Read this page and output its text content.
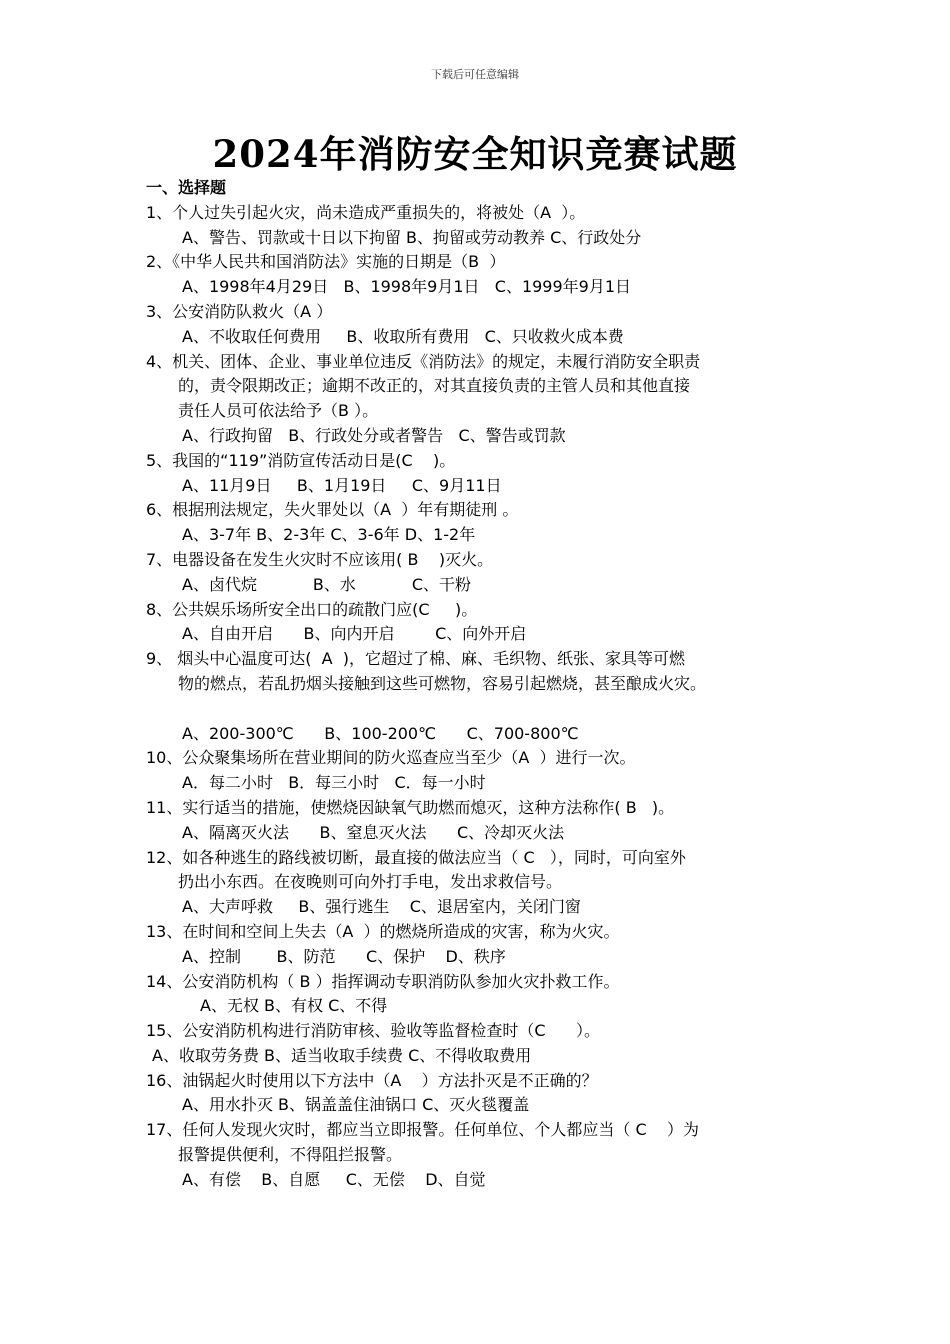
下载后可任意编辑
2024年消防安全知识竞赛试题
一、选择题
1、个人过失引起火灾，尚未造成严重损失的，将被处（A  ）。
A、警告、罚款或十日以下拘留 B、拘留或劳动教养 C、行政处分
2、《中华人民共和国消防法》实施的日期是（B  ）
A、1998年4月29日   B、1998年9月1日   C、1999年9月1日
3、公安消防队救火（A ）
A、不收取任何费用     B、收取所有费用   C、只收救火成本费
4、机关、团体、企业、事业单位违反《消防法》的规定，未履行消防安全职责
的，责令限期改正；逾期不改正的，对其直接负责的主管人员和其他直接
责任人员可依法给予（B ）。
A、行政拘留   B、行政处分或者警告   C、警告或罚款
5、我国的“119”消防宣传活动日是(C    )。
A、11月9日     B、1月19日     C、9月11日
6、根据刑法规定，失火罪处以（A  ）年有期徒刑 。
A、3-7年 B、2-3年 C、3-6年 D、1-2年
7、电器设备在发生火灾时不应该用( B    )灭火。
A、卤代烷           B、水           C、干粉
8、公共娱乐场所安全出口的疏散门应(C     )。
A、自由开启      B、向内开启        C、向外开启
9、 烟头中心温度可达(  A  )，它超过了棉、麻、毛织物、纸张、家具等可燃
物的燃点，若乱扔烟头接触到这些可燃物，容易引起燃烧，甚至酿成火灾。
A、200-300℃      B、100-200℃      C、700-800℃
10、公众聚集场所在营业期间的防火巡查应当至少（A  ）进行一次。
A．每二小时   B．每三小时   C．每一小时
11、实行适当的措施，使燃烧因缺氧气助燃而熄灭，这种方法称作( B   )。
A、隔离灭火法      B、窒息灭火法      C、冷却灭火法
12、如各种逃生的路线被切断，最直接的做法应当（ C   ），同时，可向室外
扔出小东西。在夜晚则可向外打手电，发出求救信号。
A、大声呼救     B、强行逃生    C、退居室内，关闭门窗
13、在时间和空间上失去（A  ）的燃烧所造成的灾害，称为火灾。
A、控制       B、防范      C、保护    D、秩序
14、公安消防机构（ B ）指挥调动专职消防队参加火灾扑救工作。
A、无权 B、有权 C、不得
15、公安消防机构进行消防审核、验收等监督检查时（C      ）。
A、收取劳务费 B、适当收取手续费 C、不得收取费用
16、油锅起火时使用以下方法中（A    ）方法扑灭是不正确的？
A、用水扑灭 B、锅盖盖住油锅口 C、灭火毯覆盖
17、任何人发现火灾时，都应当立即报警。任何单位、个人都应当（ C    ）为
报警提供便利，不得阻拦报警。
A、有偿    B、自愿     C、无偿    D、自觉
